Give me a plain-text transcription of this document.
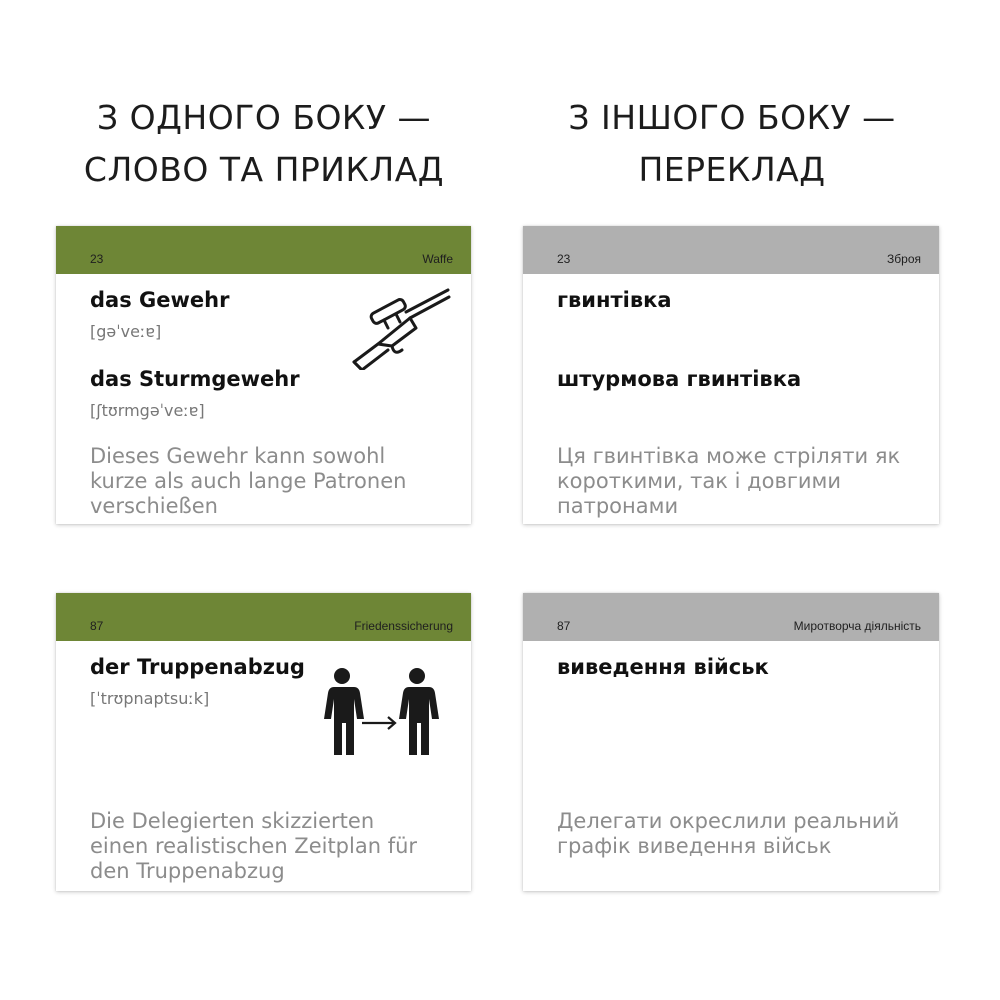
З ОДНОГО БОКУ —
СЛОВО ТА ПРИКЛАД
З ІНШОГО БОКУ —
ПЕРЕКЛАД
23	Waffe
das Gewehr
[gəˈveːɐ]
das Sturmgewehr
[ʃtʊrmgəˈveːɐ]
Dieses Gewehr kann sowohl
kurze als auch lange Patronen
verschießen
23	Зброя
гвинтівка
штурмова гвинтівка
Ця гвинтівка може стріляти як
короткими, так і довгими
патронами
87	Friedenssicherung
der Truppenabzug
[ˈtrʊpnaptsuːk]
Die Delegierten skizzierten
einen realistischen Zeitplan für
den Truppenabzug
87	Миротворча діяльність
виведення військ
Делегати окреслили реальний
графік виведення військ
